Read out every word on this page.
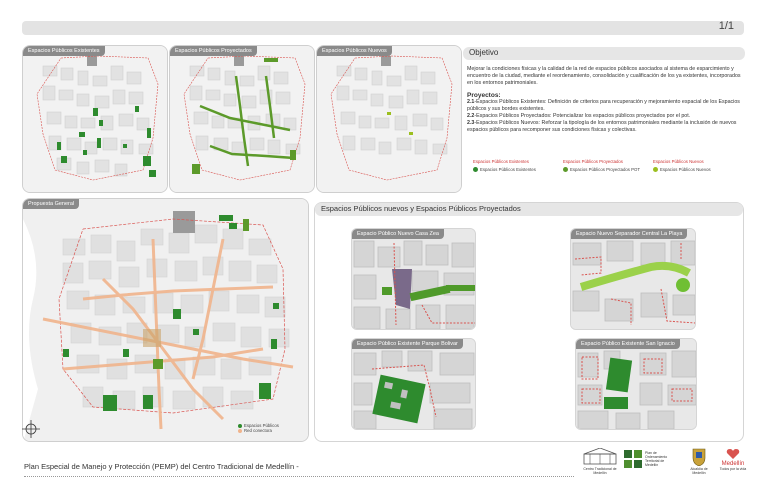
1/1
Espacios Públicos Existentes	Espacios Públicos Proyectados	Espacios Públicos Nuevos	Objetivo
Mejorar la condiciones físicas y la calidad de la red de espacios públicos asociados al sistema de esparcimiento y encuentro de la ciudad, mediante el reordenamiento, consolidación y cualificación de los ya existentes, incorporados en los entornos patrimoniales.
Proyectos:
2.1-Espacios Públicos Existentes: Definición de criterios para recuperación y mejoramiento espacial de los Espacios públicos y sus bordes existentes.
2.2-Espacios Públicos Proyectados: Potencializar los espacios públicos proyectados por el pot.
2.3-Espacios Públicos Nuevos: Reforzar la tipología de los entornos patrimoniales mediante la inclusión de nuevos espacios públicos para recomponer sus condiciones físicas y colectivas.
Espacios Públicos Existentes
Espacios Públicos Existentes
Espacios Públicos Proyectados
Espacios Públicos Proyectados POT
Espacios Públicos Nuevos
Espacios Públicos Nuevos
Propuesta General
Espacios Públicos
Red conectora
Espacios Públicos nuevos y Espacios Públicos Proyectados
Espacio Público Nuevo Casa Zea	Espacio Nuevo Separador Central La Playa
Espacio Público Existente Parque Bolivar	Espacio Público Existente San Ignacio
Plan Especial de Manejo y Protección (PEMP) del Centro Tradicional de Medellín -	Centro Tradicional de Medellín
Plan de Ordenamiento Territorial de Medellín
Alcaldía de Medellín
Medellín
Todos por la vida
